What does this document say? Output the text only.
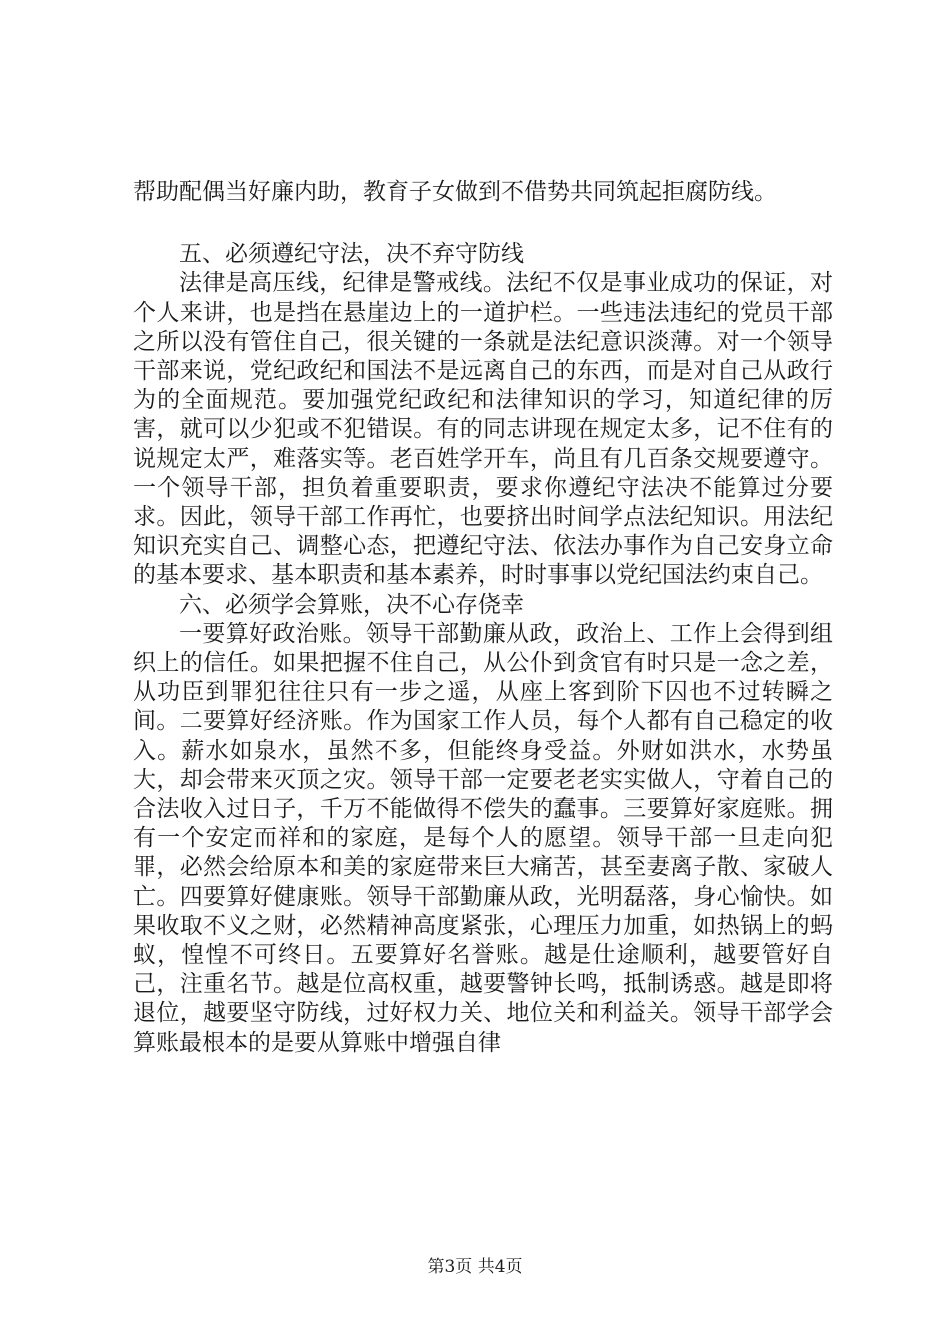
帮助配偶当好廉内助，教育子女做到不借势共同筑起拒腐防线。

五、必须遵纪守法，决不弃守防线

法律是高压线，纪律是警戒线。法纪不仅是事业成功的保证，对个人来讲，也是挡在悬崖边上的一道护栏。一些违法违纪的党员干部之所以没有管住自己，很关键的一条就是法纪意识淡薄。对一个领导干部来说，党纪政纪和国法不是远离自己的东西，而是对自己从政行为的全面规范。要加强党纪政纪和法律知识的学习，知道纪律的厉害，就可以少犯或不犯错误。有的同志讲现在规定太多，记不住有的说规定太严，难落实等。老百姓学开车，尚且有几百条交规要遵守。一个领导干部，担负着重要职责，要求你遵纪守法决不能算过分要求。因此，领导干部工作再忙，也要挤出时间学点法纪知识。用法纪知识充实自己、调整心态，把遵纪守法、依法办事作为自己安身立命的基本要求、基本职责和基本素养，时时事事以党纪国法约束自己。

六、必须学会算账，决不心存侥幸

一要算好政治账。领导干部勤廉从政，政治上、工作上会得到组织上的信任。如果把握不住自己，从公仆到贪官有时只是一念之差，从功臣到罪犯往往只有一步之遥，从座上客到阶下囚也不过转瞬之间。二要算好经济账。作为国家工作人员，每个人都有自己稳定的收入。薪水如泉水，虽然不多，但能终身受益。外财如洪水，水势虽大，却会带来灭顶之灾。领导干部一定要老老实实做人，守着自己的合法收入过日子，千万不能做得不偿失的蠢事。三要算好家庭账。拥有一个安定而祥和的家庭，是每个人的愿望。领导干部一旦走向犯罪，必然会给原本和美的家庭带来巨大痛苦，甚至妻离子散、家破人亡。四要算好健康账。领导干部勤廉从政，光明磊落，身心愉快。如果收取不义之财，必然精神高度紧张，心理压力加重，如热锅上的蚂蚁，惶惶不可终日。五要算好名誉账。越是仕途顺利，越要管好自己，注重名节。越是位高权重，越要警钟长鸣，抵制诱惑。越是即将退位，越要坚守防线，过好权力关、地位关和利益关。领导干部学会算账最根本的是要从算账中增强自律

第3页 共4页
